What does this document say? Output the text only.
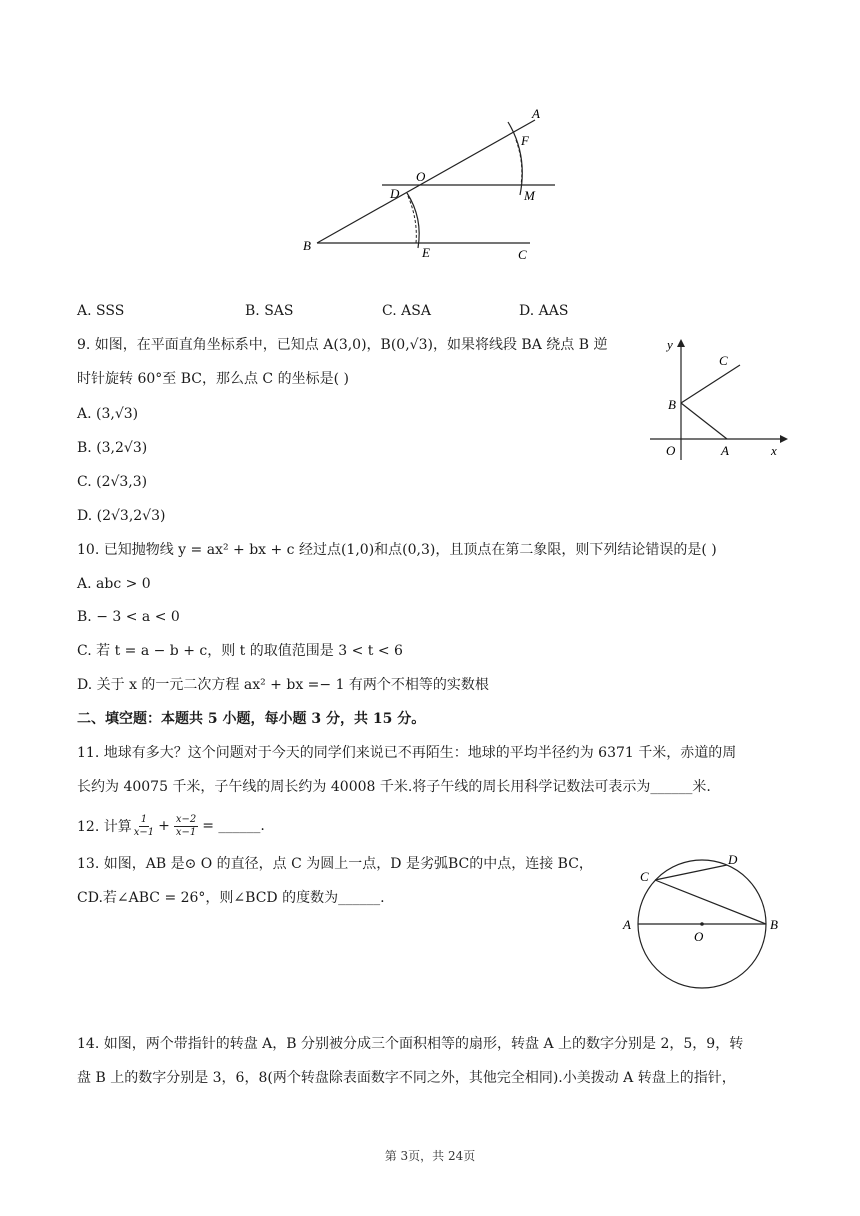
A
F
O
D	M
B	E	C
A. SSS	B. SAS	C. ASA	D. AAS
9. 如图，在平面直角坐标系中，已知点 A(3,0)，B(0,√3)，如果将线段 BA 绕点 B 逆
时针旋转 60°至 BC，那么点 C 的坐标是( )
A. (3,√3)
B. (3,2√3)
C. (2√3,3)
D. (2√3,2√3)
y
C
B
O	A	x
10. 已知抛物线 y = ax² + bx + c 经过点(1,0)和点(0,3)，且顶点在第二象限，则下列结论错误的是( )
A. abc > 0
B. − 3 < a < 0
C. 若 t = a − b + c，则 t 的取值范围是 3 < t < 6
D. 关于 x 的一元二次方程 ax² + bx =− 1 有两个不相等的实数根
二、填空题：本题共 5 小题，每小题 3 分，共 15 分。
11. 地球有多大？这个问题对于今天的同学们来说已不再陌生：地球的平均半径约为 6371 千米，赤道的周
长约为 40075 千米，子午线的周长约为 40008 千米.将子午线的周长用科学记数法可表示为______米.
12. 计算 $\frac{1}{x-1} + \frac{x-2}{x-1}$ = ______.
13. 如图，AB 是⊙ O 的直径，点 C 为圆上一点，D 是劣弧BC的中点，连接 BC，
CD.若∠ABC = 26°，则∠BCD 的度数为______.
C
D
A
O
B
14. 如图，两个带指针的转盘 A，B 分别被分成三个面积相等的扇形，转盘 A 上的数字分别是 2，5，9，转
盘 B 上的数字分别是 3，6，8(两个转盘除表面数字不同之外，其他完全相同).小美拨动 A 转盘上的指针，
第 3页，共 24页
